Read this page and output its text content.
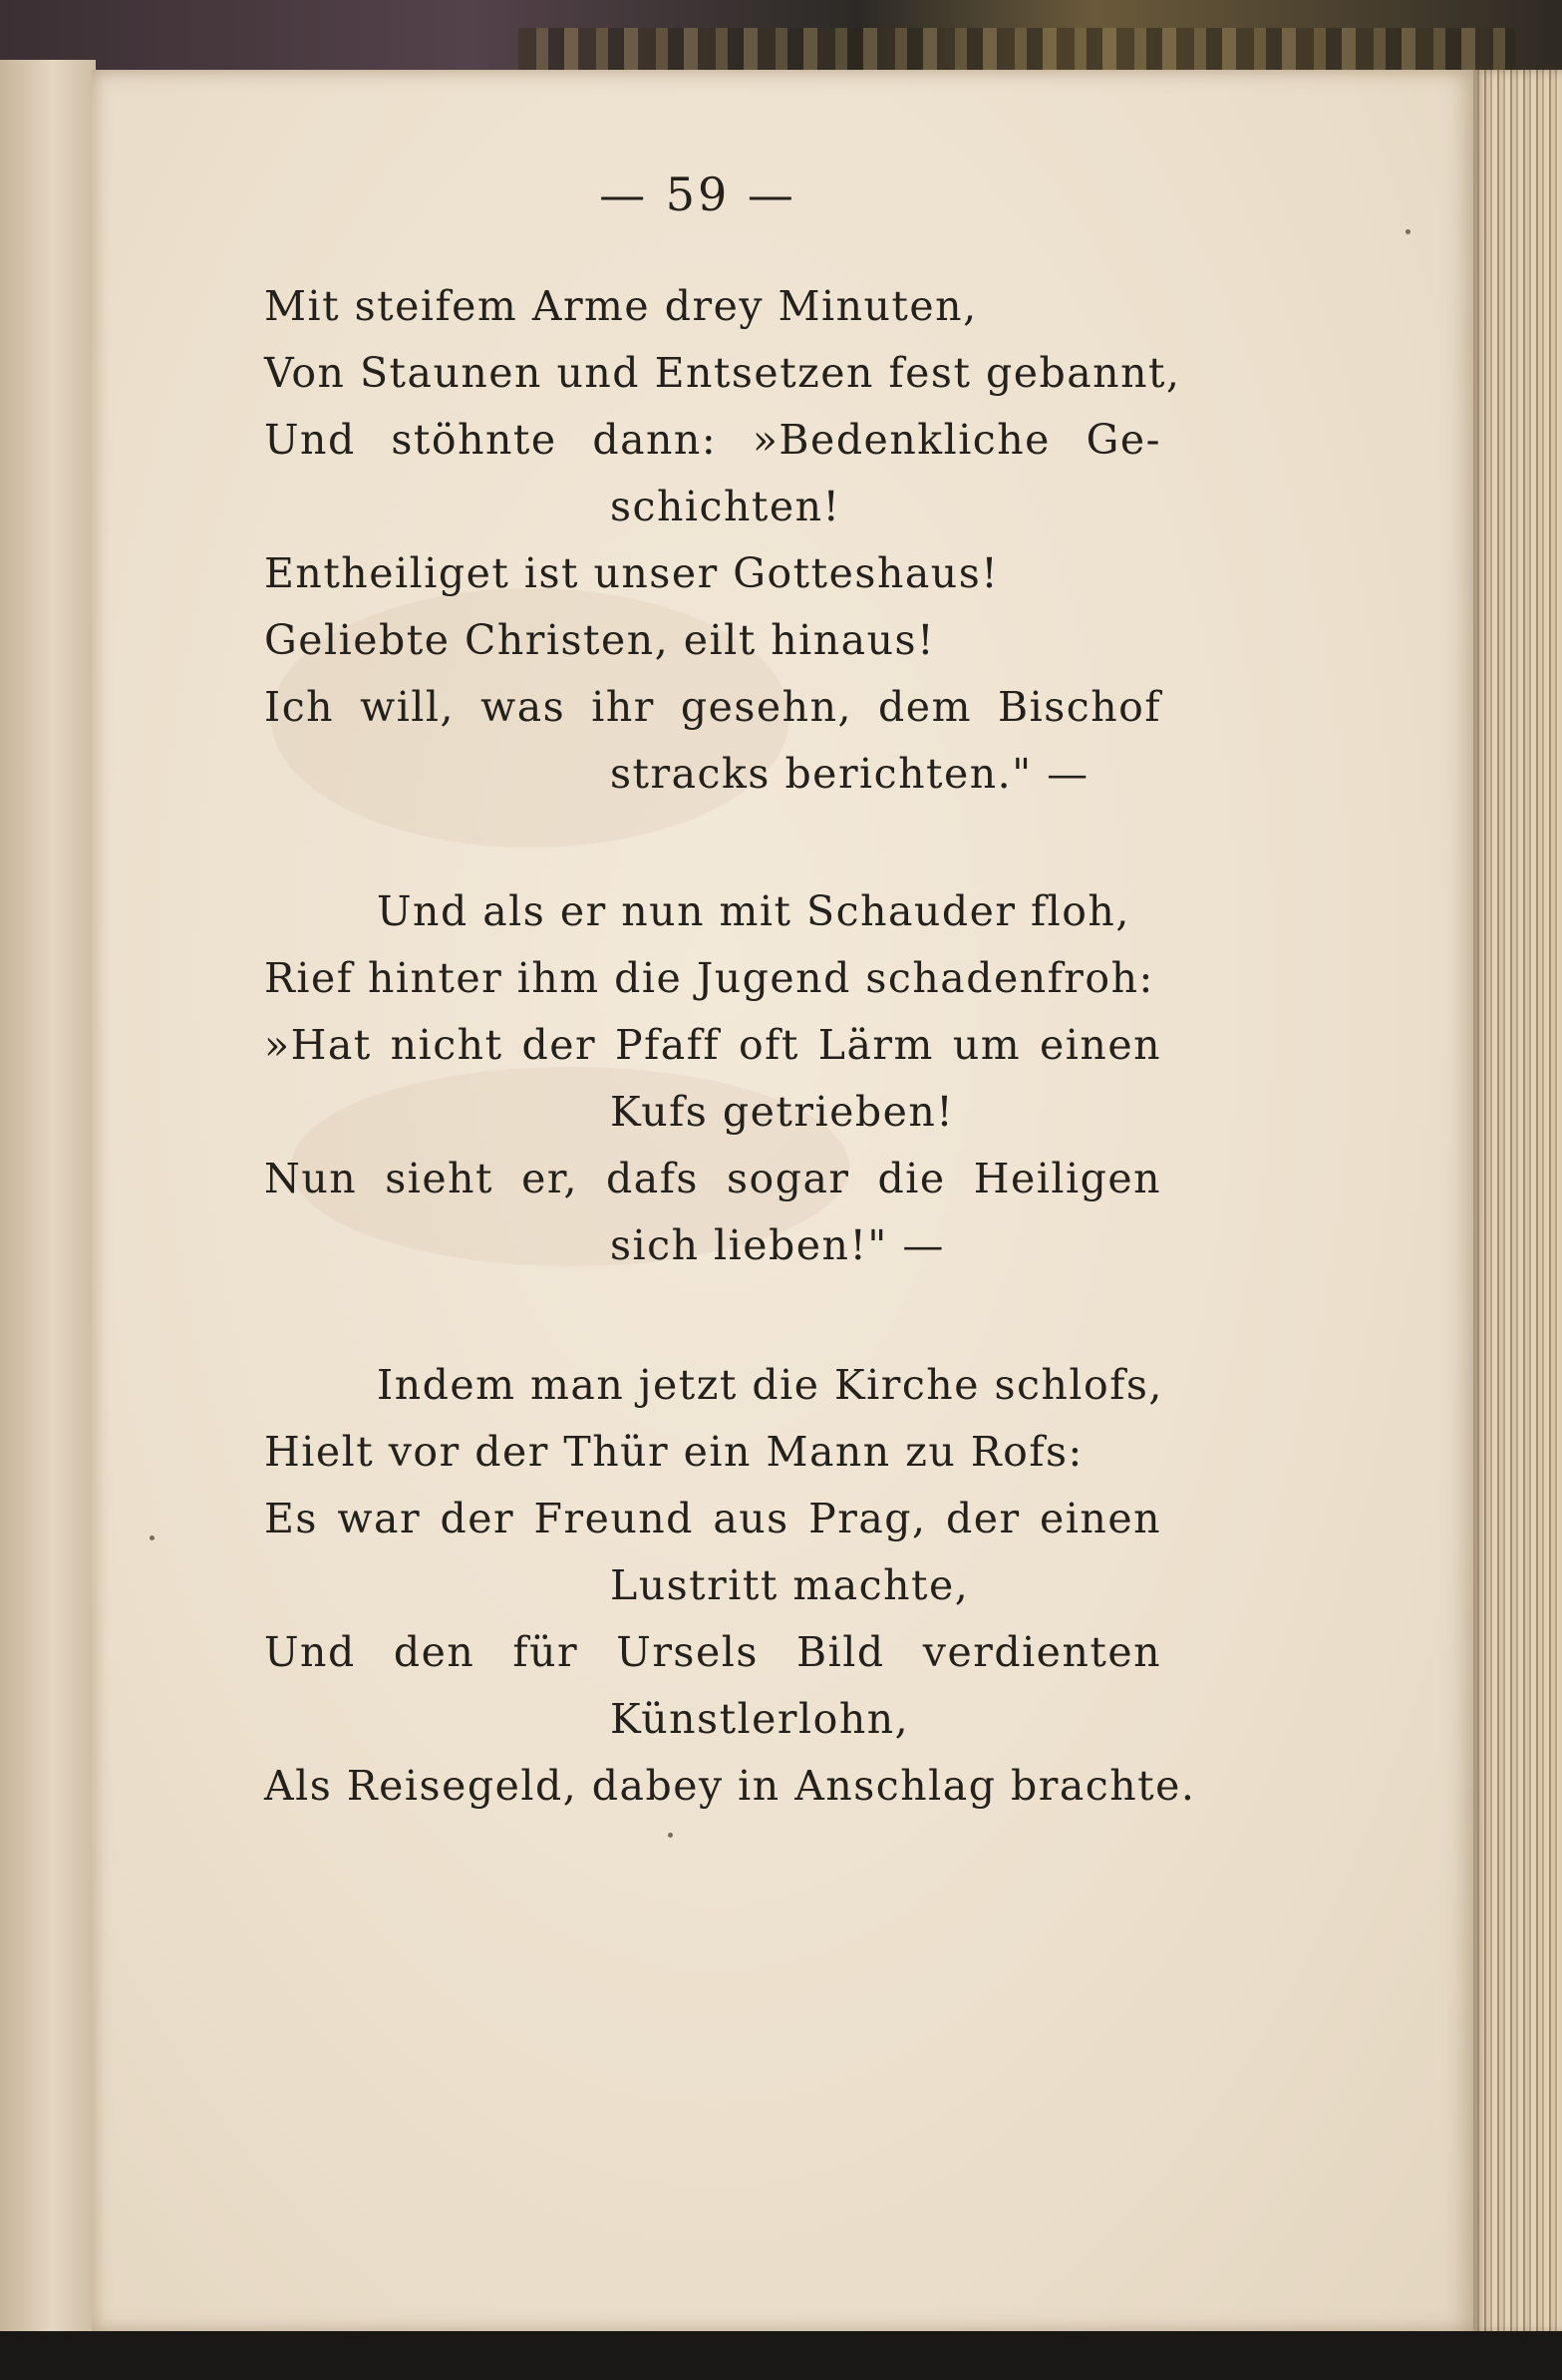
— 59 —
Mit steifem Arme drey Minuten,
Von Staunen und Entsetzen fest gebannt,
Und stöhnte dann: »Bedenkliche Ge-
schichten!
Entheiliget ist unser Gotteshaus!
Geliebte Christen, eilt hinaus!
Ich will, was ihr gesehn, dem Bischof
stracks berichten." —
Und als er nun mit Schauder floh,
Rief hinter ihm die Jugend schadenfroh:
»Hat nicht der Pfaff oft Lärm um einen
Kufs getrieben!
Nun sieht er, dafs sogar die Heiligen
sich lieben!" —
Indem man jetzt die Kirche schlofs,
Hielt vor der Thür ein Mann zu Rofs:
Es war der Freund aus Prag, der einen
Lustritt machte,
Und den für Ursels Bild verdienten
Künstlerlohn,
Als Reisegeld, dabey in Anschlag brachte.
